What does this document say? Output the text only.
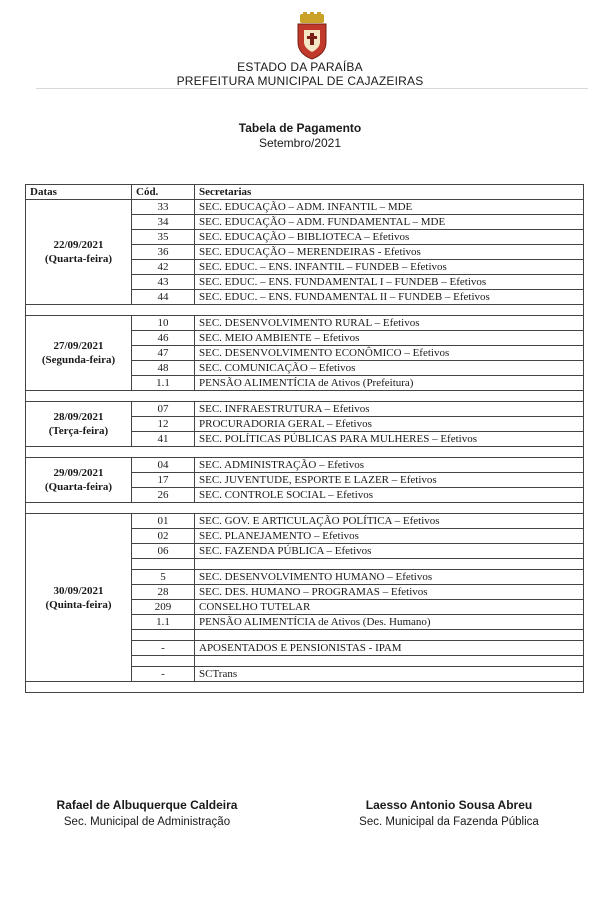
ESTADO DA PARAÍBA
PREFEITURA MUNICIPAL DE CAJAZEIRAS
Tabela de Pagamento
Setembro/2021
Datas	Cód.	Secretarias

22/09/2021
(Quarta-feira)	33	SEC. EDUCAÇÃO – ADM. INFANTIL – MDE
	34	SEC. EDUCAÇÃO – ADM. FUNDAMENTAL – MDE
	35	SEC. EDUCAÇÃO – BIBLIOTECA – Efetivos
	36	SEC. EDUCAÇÃO – MERENDEIRAS - Efetivos
	42	SEC. EDUC. – ENS. INFANTIL – FUNDEB – Efetivos
	43	SEC. EDUC. – ENS. FUNDAMENTAL I – FUNDEB – Efetivos
	44	SEC. EDUC. – ENS. FUNDAMENTAL II – FUNDEB – Efetivos

27/09/2021
(Segunda-feira)	10	SEC. DESENVOLVIMENTO RURAL – Efetivos
	46	SEC. MEIO AMBIENTE – Efetivos
	47	SEC. DESENVOLVIMENTO ECONÔMICO – Efetivos
	48	SEC. COMUNICAÇÃO – Efetivos
	1.1	PENSÃO ALIMENTÍCIA de Ativos (Prefeitura)

28/09/2021
(Terça-feira)	07	SEC. INFRAESTRUTURA – Efetivos
	12	PROCURADORIA GERAL – Efetivos
	41	SEC. POLÍTICAS PÚBLICAS PARA MULHERES – Efetivos

29/09/2021
(Quarta-feira)	04	SEC. ADMINISTRAÇÃO – Efetivos
	17	SEC. JUVENTUDE, ESPORTE E LAZER – Efetivos
	26	SEC. CONTROLE SOCIAL – Efetivos

30/09/2021
(Quinta-feira)	01	SEC. GOV. E ARTICULAÇÃO POLÍTICA – Efetivos
	02	SEC. PLANEJAMENTO – Efetivos
	06	SEC. FAZENDA PÚBLICA – Efetivos

	5	SEC. DESENVOLVIMENTO HUMANO – Efetivos
	28	SEC. DES. HUMANO – PROGRAMAS – Efetivos
	209	CONSELHO TUTELAR
	1.1	PENSÃO ALIMENTÍCIA de Ativos (Des. Humano)

	-	APOSENTADOS E PENSIONISTAS - IPAM

	-	SCTrans

Rafael de Albuquerque Caldeira
Sec. Municipal de Administração
Laesso Antonio Sousa Abreu
Sec. Municipal da Fazenda Pública
